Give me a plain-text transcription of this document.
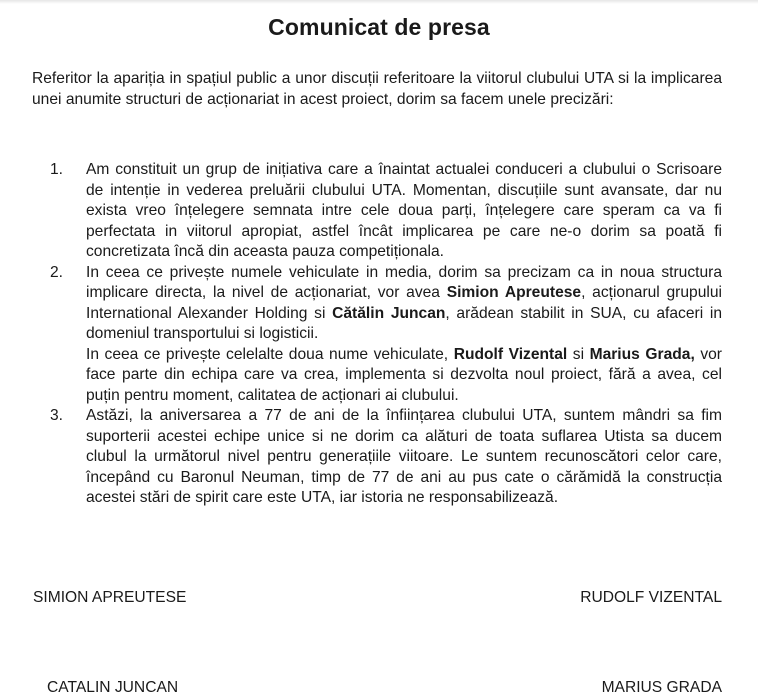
Comunicat de presa

Referitor la apariția in spațiul public a unor discuții referitoare la viitorul clubului UTA si la implicarea unei anumite structuri de acționariat in acest proiect, dorim sa facem unele precizări:

1. Am constituit un grup de inițiativa care a înaintat actualei conduceri a clubului o Scrisoare de intenție in vederea preluării clubului UTA. Momentan, discuțiile sunt avansate, dar nu exista vreo înțelegere semnata intre cele doua parți, înțelegere care speram ca va fi perfectata in viitorul apropiat, astfel încât implicarea pe care ne-o dorim sa poată fi concretizata încă din aceasta pauza competiționala.

2. In ceea ce privește numele vehiculate in media, dorim sa precizam ca in noua structura implicare directa, la nivel de acționariat, vor avea Simion Apreutese, acționarul grupului International Alexander Holding si Cătălin Juncan, arădean stabilit in SUA, cu afaceri in domeniul transportului si logisticii.

In ceea ce privește celelalte doua nume vehiculate, Rudolf Vizental si Marius Grada, vor face parte din echipa care va crea, implementa si dezvolta noul proiect, fără a avea, cel puțin pentru moment, calitatea de acționari ai clubului.

3. Astăzi, la aniversarea a 77 de ani de la înființarea clubului UTA, suntem mândri sa fim suporterii acestei echipe unice si ne dorim ca alături de toata suflarea Utista sa ducem clubul la următorul nivel pentru generațiile viitoare. Le suntem recunoscători celor care, începând cu Baronul Neuman, timp de 77 de ani au pus cate o cărămidă la construcția acestei stări de spirit care este UTA, iar istoria ne responsabilizează.

SIMION APREUTESE	RUDOLF VIZENTAL
CATALIN JUNCAN	MARIUS GRADA
